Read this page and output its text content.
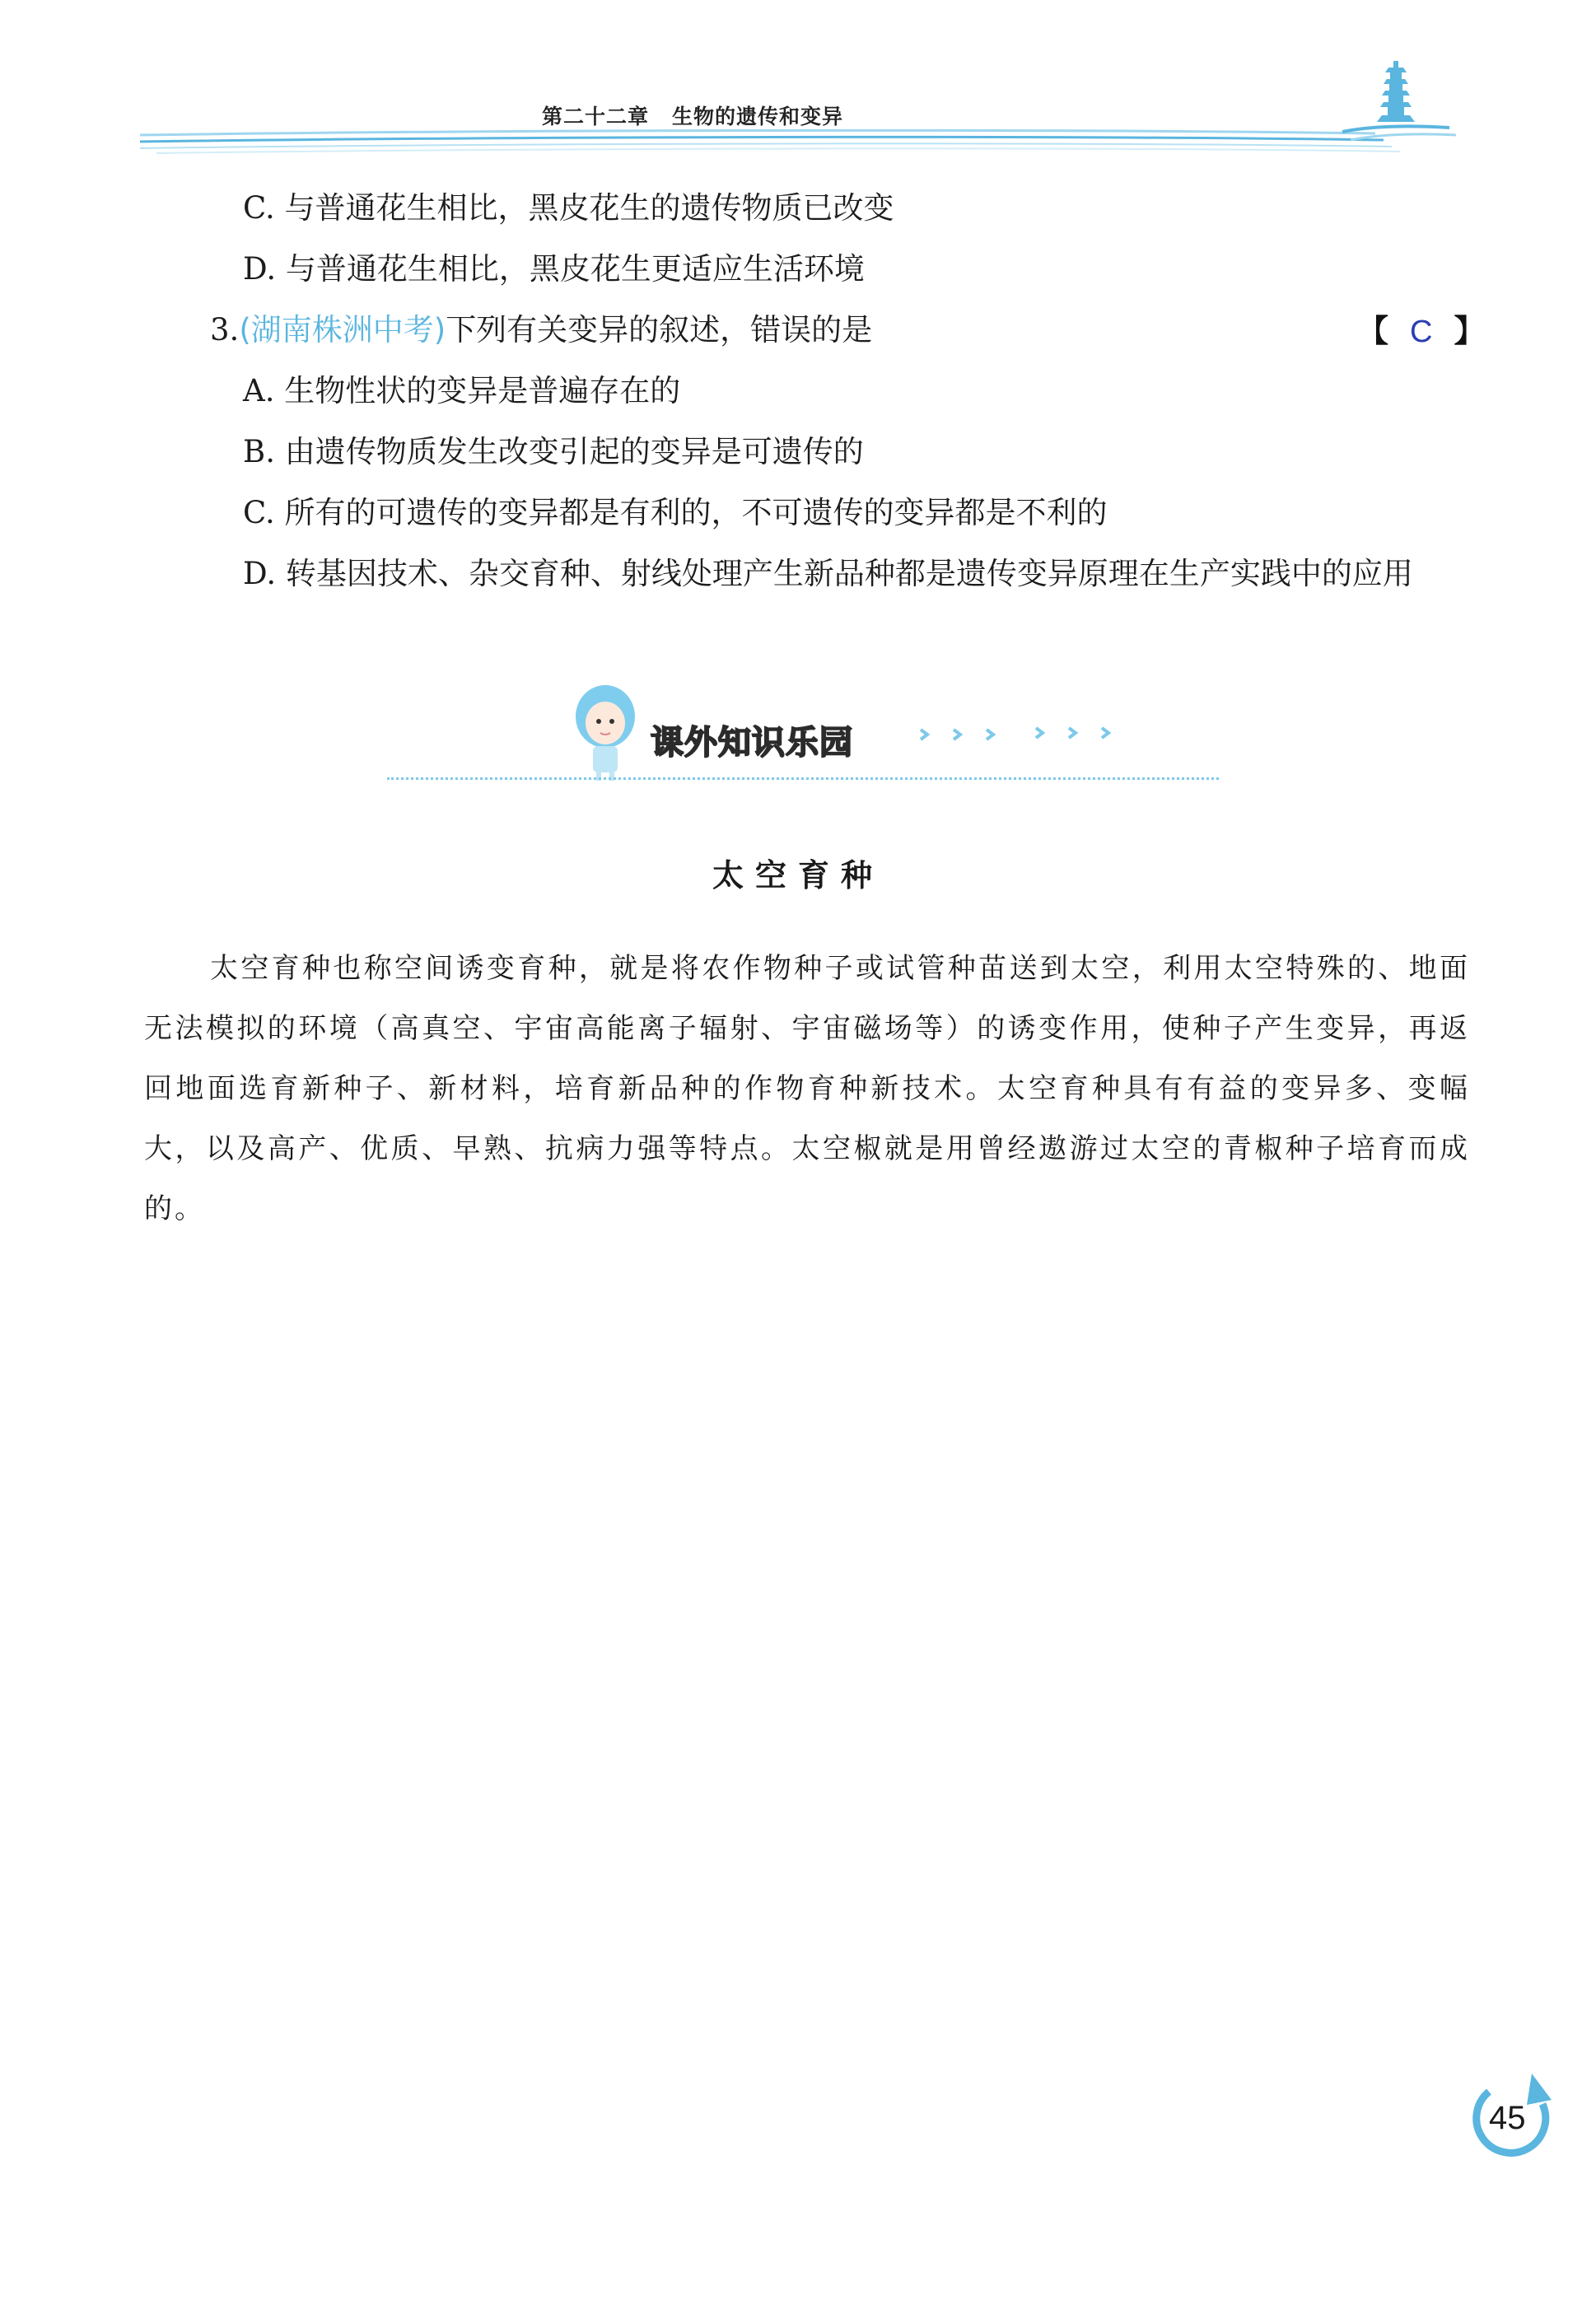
第二十二章 生物的遗传和变异
C. 与普通花生相比，黑皮花生的遗传物质已改变
D. 与普通花生相比，黑皮花生更适应生活环境
3.(湖南株洲中考)下列有关变异的叙述，错误的是	【 C 】
A. 生物性状的变异是普遍存在的
B. 由遗传物质发生改变引起的变异是可遗传的
C. 所有的可遗传的变异都是有利的，不可遗传的变异都是不利的
D. 转基因技术、杂交育种、射线处理产生新品种都是遗传变异原理在生产实践中的应用
课外知识乐园
太空育种
太空育种也称空间诱变育种，就是将农作物种子或试管种苗送到太空，利用太空特殊的、地面无法模拟的环境（高真空、宇宙高能离子辐射、宇宙磁场等）的诱变作用，使种子产生变异，再返回地面选育新种子、新材料，培育新品种的作物育种新技术。太空育种具有有益的变异多、变幅大，以及高产、优质、早熟、抗病力强等特点。太空椒就是用曾经遨游过太空的青椒种子培育而成的。
45
